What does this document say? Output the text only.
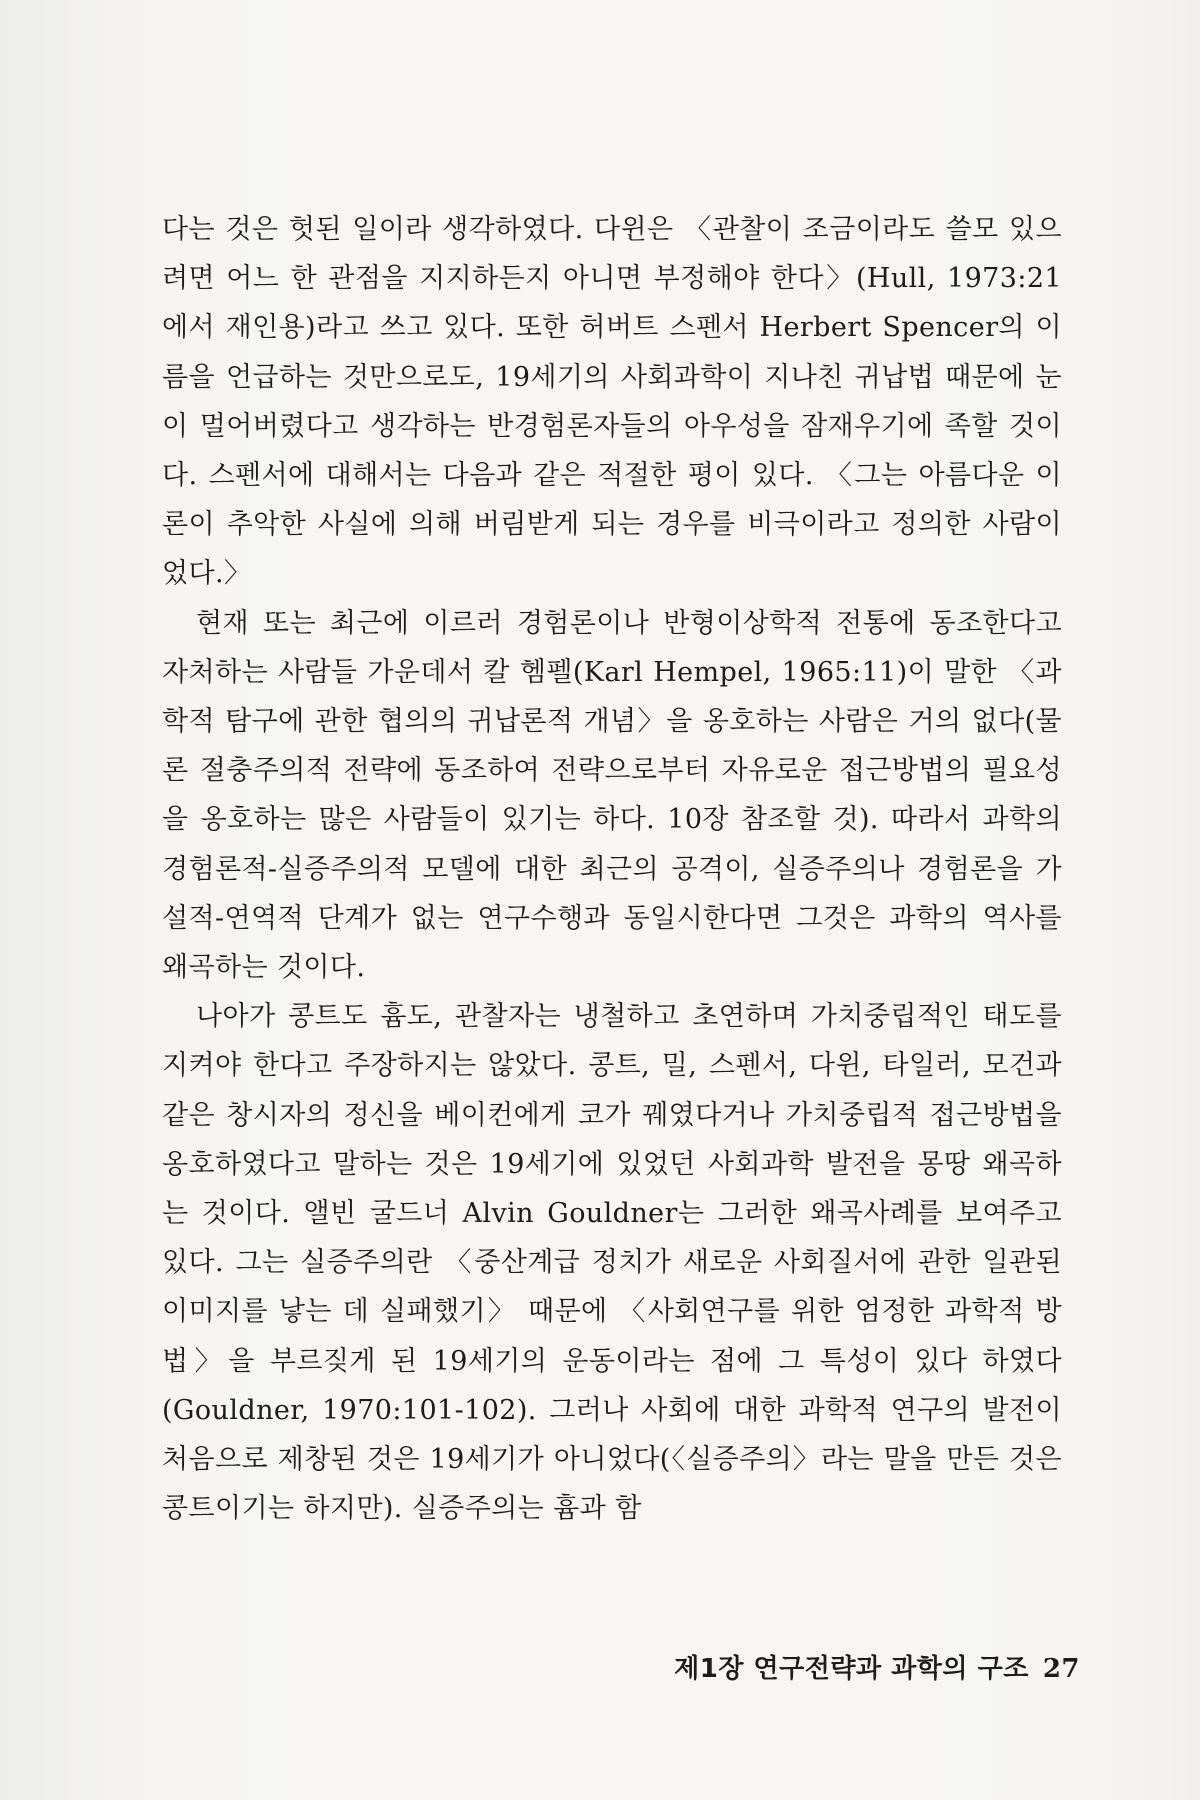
다는 것은 헛된 일이라 생각하였다. 다윈은 〈관찰이 조금이라도 쓸모 있으려면 어느 한 관점을 지지하든지 아니면 부정해야 한다〉(Hull, 1973:21에서 재인용)라고 쓰고 있다. 또한 허버트 스펜서 Herbert Spencer의 이름을 언급하는 것만으로도, 19세기의 사회과학이 지나친 귀납법 때문에 눈이 멀어버렸다고 생각하는 반경험론자들의 아우성을 잠재우기에 족할 것이다. 스펜서에 대해서는 다음과 같은 적절한 평이 있다. 〈그는 아름다운 이론이 추악한 사실에 의해 버림받게 되는 경우를 비극이라고 정의한 사람이었다.〉

현재 또는 최근에 이르러 경험론이나 반형이상학적 전통에 동조한다고 자처하는 사람들 가운데서 칼 헴펠(Karl Hempel, 1965:11)이 말한 〈과학적 탐구에 관한 협의의 귀납론적 개념〉을 옹호하는 사람은 거의 없다(물론 절충주의적 전략에 동조하여 전략으로부터 자유로운 접근방법의 필요성을 옹호하는 많은 사람들이 있기는 하다. 10장 참조할 것). 따라서 과학의 경험론적-실증주의적 모델에 대한 최근의 공격이, 실증주의나 경험론을 가설적-연역적 단계가 없는 연구수행과 동일시한다면 그것은 과학의 역사를 왜곡하는 것이다.

나아가 콩트도 흄도, 관찰자는 냉철하고 초연하며 가치중립적인 태도를 지켜야 한다고 주장하지는 않았다. 콩트, 밀, 스펜서, 다윈, 타일러, 모건과 같은 창시자의 정신을 베이컨에게 코가 꿰였다거나 가치중립적 접근방법을 옹호하였다고 말하는 것은 19세기에 있었던 사회과학 발전을 몽땅 왜곡하는 것이다. 앨빈 굴드너 Alvin Gouldner는 그러한 왜곡사례를 보여주고 있다. 그는 실증주의란 〈중산계급 정치가 새로운 사회질서에 관한 일관된 이미지를 낳는 데 실패했기〉 때문에 〈사회연구를 위한 엄정한 과학적 방법〉을 부르짖게 된 19세기의 운동이라는 점에 그 특성이 있다 하였다(Gouldner, 1970:101-102). 그러나 사회에 대한 과학적 연구의 발전이 처음으로 제창된 것은 19세기가 아니었다(〈실증주의〉라는 말을 만든 것은 콩트이기는 하지만). 실증주의는 흄과 함

제1장 연구전략과 과학의 구조 27
